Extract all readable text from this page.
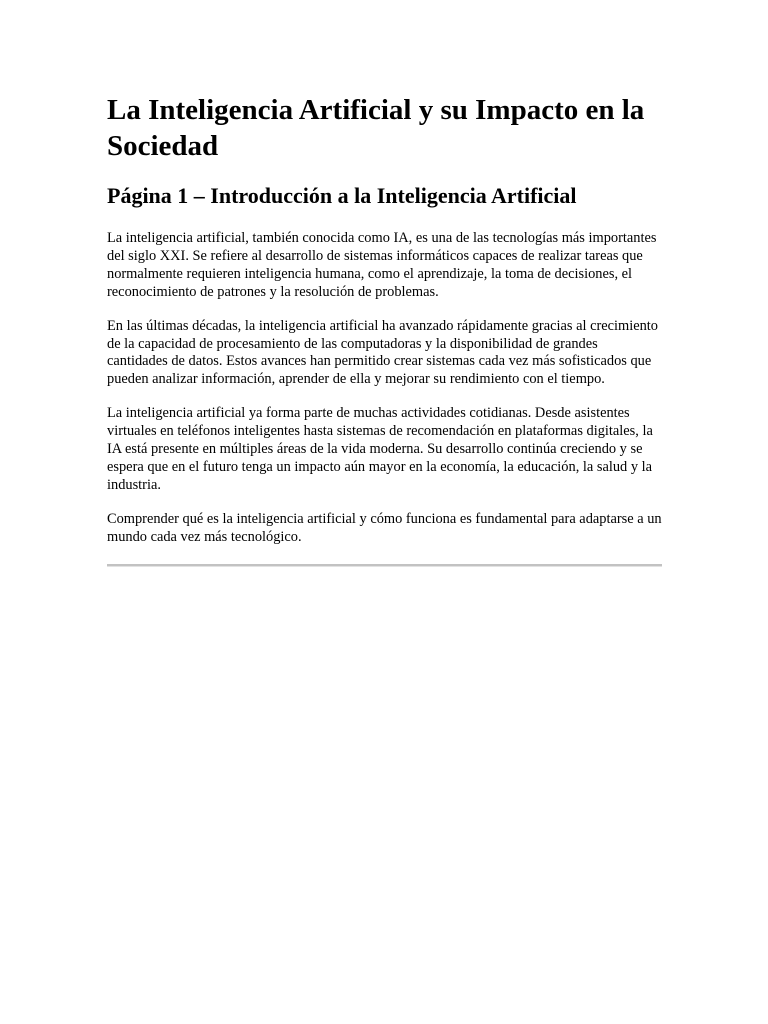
La Inteligencia Artificial y su Impacto en la Sociedad
Página 1 – Introducción a la Inteligencia Artificial

La inteligencia artificial, también conocida como IA, es una de las tecnologías más importantes del siglo XXI. Se refiere al desarrollo de sistemas informáticos capaces de realizar tareas que normalmente requieren inteligencia humana, como el aprendizaje, la toma de decisiones, el reconocimiento de patrones y la resolución de problemas.

En las últimas décadas, la inteligencia artificial ha avanzado rápidamente gracias al crecimiento de la capacidad de procesamiento de las computadoras y la disponibilidad de grandes cantidades de datos. Estos avances han permitido crear sistemas cada vez más sofisticados que pueden analizar información, aprender de ella y mejorar su rendimiento con el tiempo.

La inteligencia artificial ya forma parte de muchas actividades cotidianas. Desde asistentes virtuales en teléfonos inteligentes hasta sistemas de recomendación en plataformas digitales, la IA está presente en múltiples áreas de la vida moderna. Su desarrollo continúa creciendo y se espera que en el futuro tenga un impacto aún mayor en la economía, la educación, la salud y la industria.

Comprender qué es la inteligencia artificial y cómo funciona es fundamental para adaptarse a un mundo cada vez más tecnológico.
